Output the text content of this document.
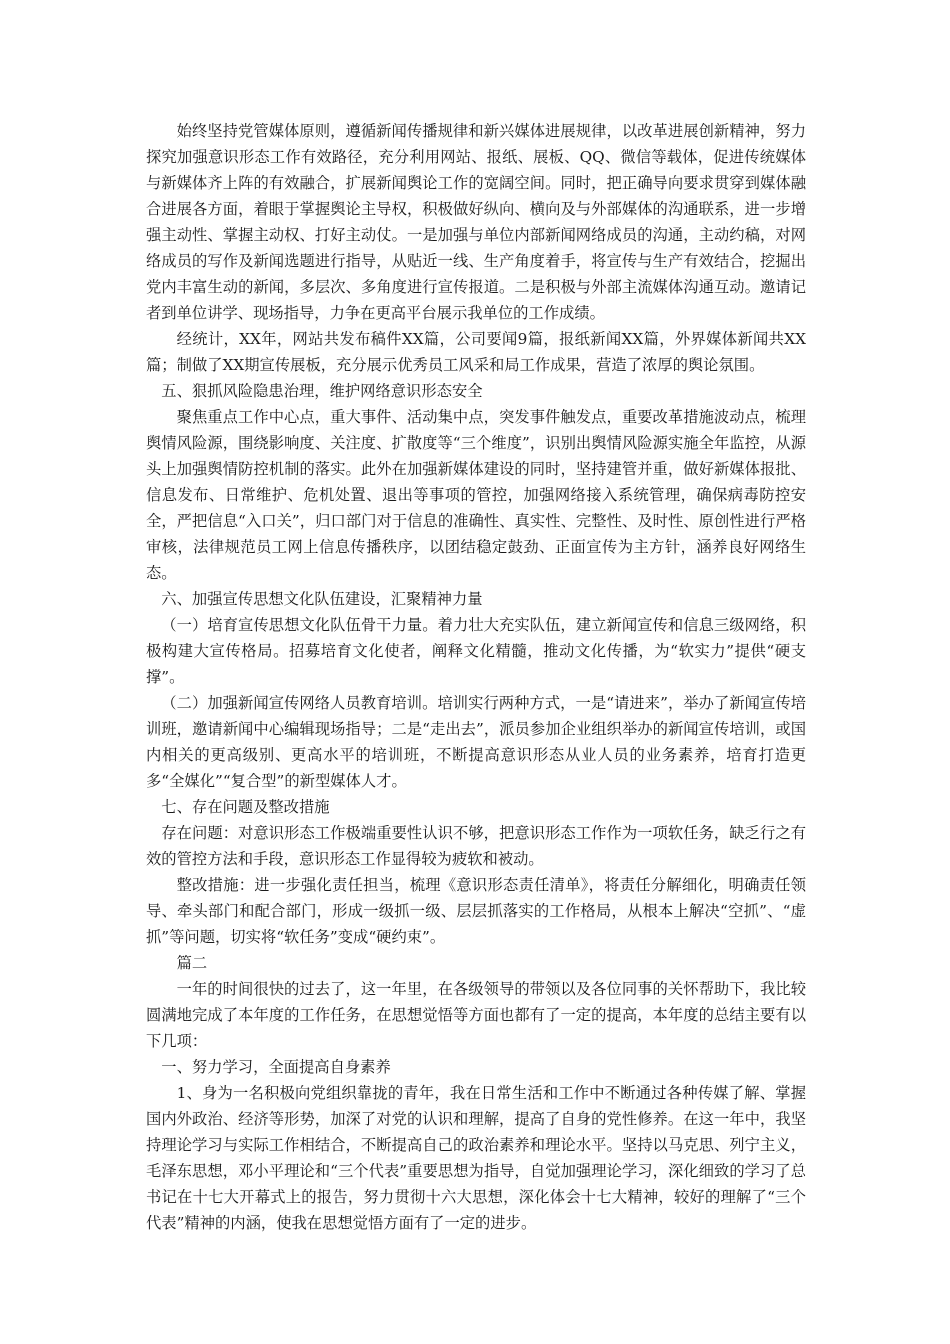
始终坚持党管媒体原则，遵循新闻传播规律和新兴媒体进展规律，以改革进展创新精神，努力探究加强意识形态工作有效路径，充分利用网站、报纸、展板、QQ、微信等载体，促进传统媒体与新媒体齐上阵的有效融合，扩展新闻舆论工作的宽阔空间。同时，把正确导向要求贯穿到媒体融合进展各方面，着眼于掌握舆论主导权，积极做好纵向、横向及与外部媒体的沟通联系，进一步增强主动性、掌握主动权、打好主动仗。一是加强与单位内部新闻网络成员的沟通，主动约稿，对网络成员的写作及新闻选题进行指导，从贴近一线、生产角度着手，将宣传与生产有效结合，挖掘出党内丰富生动的新闻，多层次、多角度进行宣传报道。二是积极与外部主流媒体沟通互动。邀请记者到单位讲学、现场指导，力争在更高平台展示我单位的工作成绩。

经统计，XX年，网站共发布稿件XX篇，公司要闻9篇，报纸新闻XX篇，外界媒体新闻共XX篇；制做了XX期宣传展板，充分展示优秀员工风采和局工作成果，营造了浓厚的舆论氛围。

五、狠抓风险隐患治理，维护网络意识形态安全

聚焦重点工作中心点，重大事件、活动集中点，突发事件触发点，重要改革措施波动点，梳理舆情风险源，围绕影响度、关注度、扩散度等“三个维度”，识别出舆情风险源实施全年监控，从源头上加强舆情防控机制的落实。此外在加强新媒体建设的同时，坚持建管并重，做好新媒体报批、信息发布、日常维护、危机处置、退出等事项的管控，加强网络接入系统管理，确保病毒防控安全，严把信息“入口关”，归口部门对于信息的准确性、真实性、完整性、及时性、原创性进行严格审核，法律规范员工网上信息传播秩序，以团结稳定鼓劲、正面宣传为主方针，涵养良好网络生态。

六、加强宣传思想文化队伍建设，汇聚精神力量

（一）培育宣传思想文化队伍骨干力量。着力壮大充实队伍，建立新闻宣传和信息三级网络，积极构建大宣传格局。招募培育文化使者，阐释文化精髓，推动文化传播，为“软实力”提供“硬支撑”。

（二）加强新闻宣传网络人员教育培训。培训实行两种方式，一是“请进来”，举办了新闻宣传培训班，邀请新闻中心编辑现场指导；二是“走出去”，派员参加企业组织举办的新闻宣传培训，或国内相关的更高级别、更高水平的培训班，不断提高意识形态从业人员的业务素养，培育打造更多“全媒化”“复合型”的新型媒体人才。

七、存在问题及整改措施

存在问题：对意识形态工作极端重要性认识不够，把意识形态工作作为一项软任务，缺乏行之有效的管控方法和手段，意识形态工作显得较为疲软和被动。

整改措施：进一步强化责任担当，梳理《意识形态责任清单》，将责任分解细化，明确责任领导、牵头部门和配合部门，形成一级抓一级、层层抓落实的工作格局，从根本上解决“空抓”、“虚抓”等问题，切实将“软任务”变成“硬约束”。

篇二

一年的时间很快的过去了，这一年里，在各级领导的带领以及各位同事的关怀帮助下，我比较圆满地完成了本年度的工作任务，在思想觉悟等方面也都有了一定的提高，本年度的总结主要有以下几项：

一、努力学习，全面提高自身素养

1、身为一名积极向党组织靠拢的青年，我在日常生活和工作中不断通过各种传媒了解、掌握国内外政治、经济等形势，加深了对党的认识和理解，提高了自身的党性修养。在这一年中，我坚持理论学习与实际工作相结合，不断提高自己的政治素养和理论水平。坚持以马克思、列宁主义，毛泽东思想，邓小平理论和“三个代表”重要思想为指导，自觉加强理论学习，深化细致的学习了总书记在十七大开幕式上的报告，努力贯彻十六大思想，深化体会十七大精神，较好的理解了“三个代表”精神的内涵，使我在思想觉悟方面有了一定的进步。
